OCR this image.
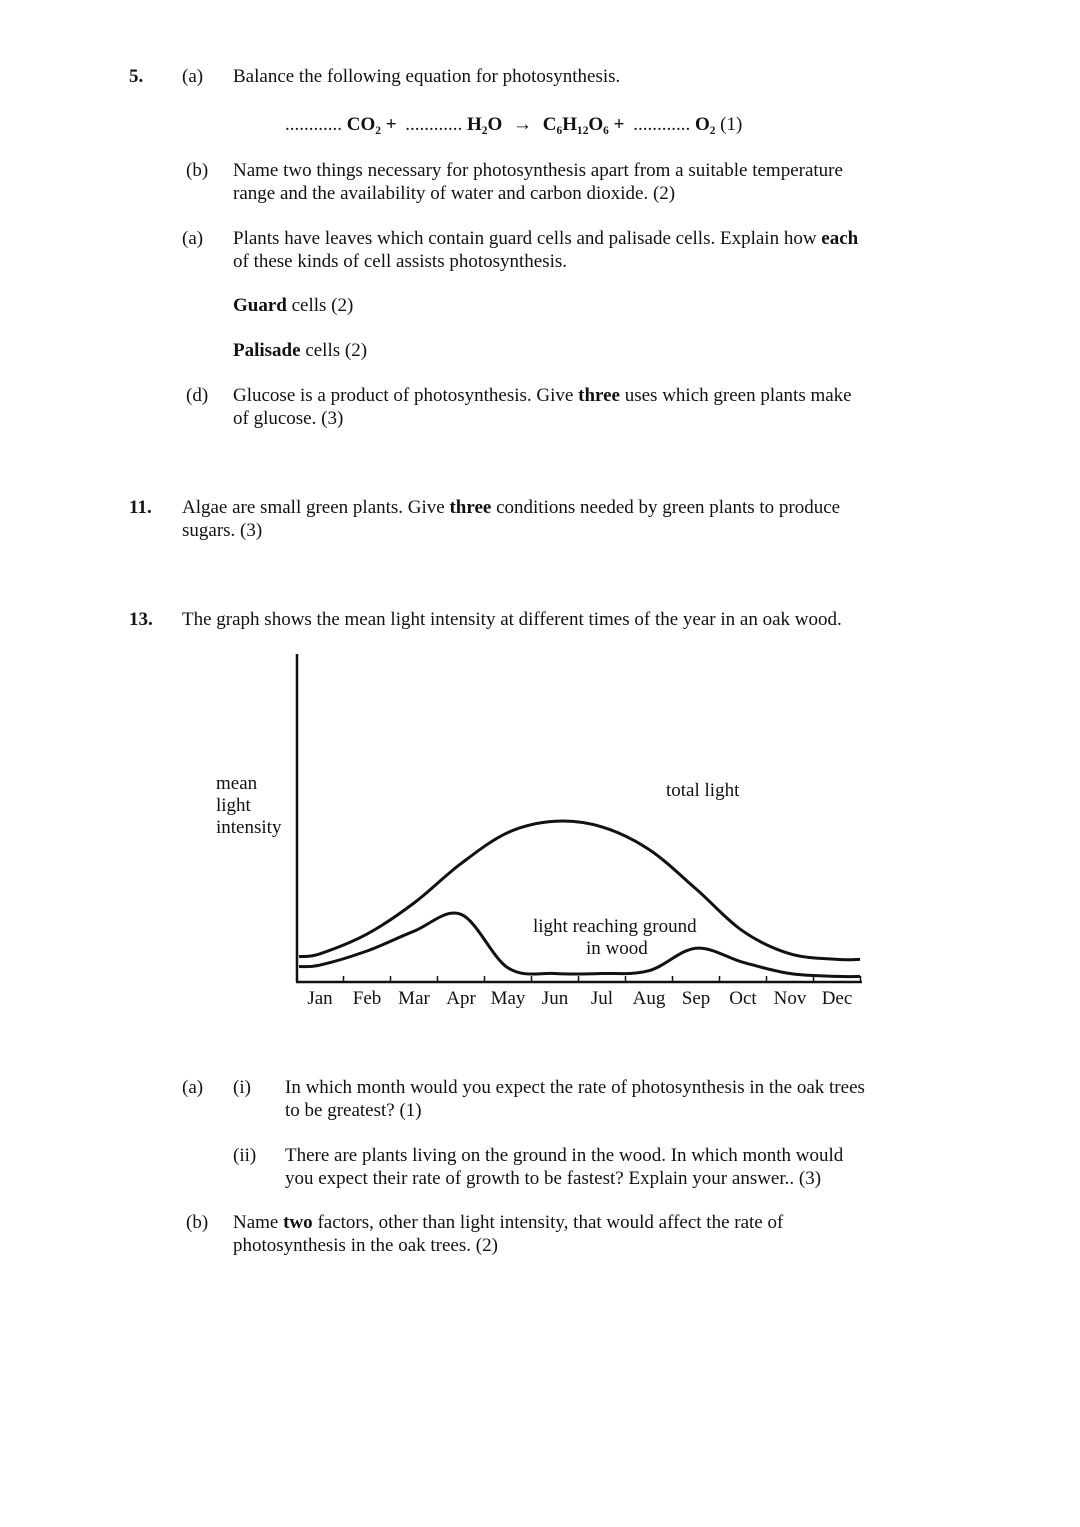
5. (a) Balance the following equation for photosynthesis.
............ CO₂ + ............ H₂O → C₆H₁₂O₆ + ............ O₂ (1)
(b) Name two things necessary for photosynthesis apart from a suitable temperature
range and the availability of water and carbon dioxide. (2)
(a) Plants have leaves which contain guard cells and palisade cells. Explain how each
of these kinds of cell assists photosynthesis.
Guard cells (2)
Palisade cells (2)
(d) Glucose is a product of photosynthesis. Give three uses which green plants make
of glucose. (3)
11. Algae are small green plants. Give three conditions needed by green plants to produce
sugars. (3)
13. The graph shows the mean light intensity at different times of the year in an oak wood.
Jan Feb Mar Apr May Jun Jul Aug Sep Oct Nov Dec
mean
light
intensity
total light
light reaching ground
in wood
(a) (i) In which month would you expect the rate of photosynthesis in the oak trees
to be greatest? (1)
(ii) There are plants living on the ground in the wood. In which month would
you expect their rate of growth to be fastest? Explain your answer.. (3)
(b) Name two factors, other than light intensity, that would affect the rate of
photosynthesis in the oak trees. (2)
